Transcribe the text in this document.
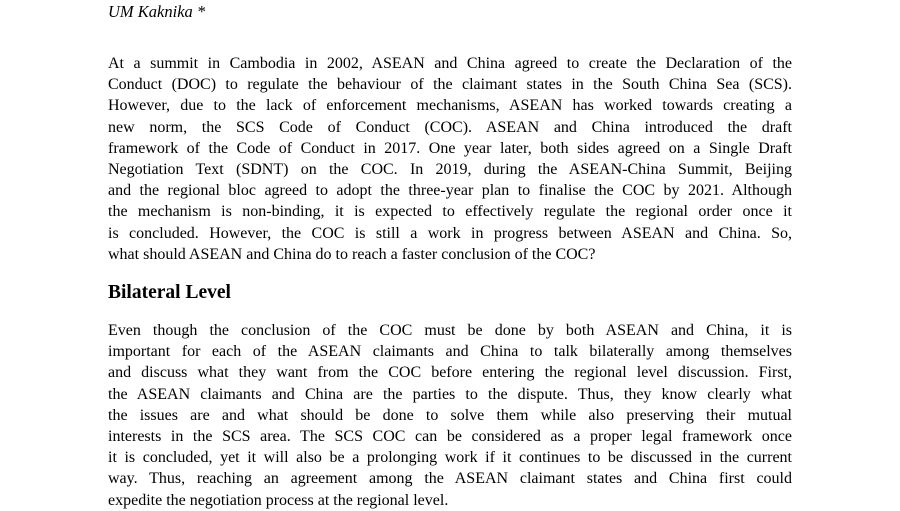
UM Kaknika *
At a summit in Cambodia in 2002, ASEAN and China agreed to create the Declaration of the
Conduct (DOC) to regulate the behaviour of the claimant states in the South China Sea (SCS).
However, due to the lack of enforcement mechanisms, ASEAN has worked towards creating a
new norm, the SCS Code of Conduct (COC). ASEAN and China introduced the draft
framework of the Code of Conduct in 2017. One year later, both sides agreed on a Single Draft
Negotiation Text (SDNT) on the COC. In 2019, during the ASEAN-China Summit, Beijing
and the regional bloc agreed to adopt the three-year plan to finalise the COC by 2021. Although
the mechanism is non-binding, it is expected to effectively regulate the regional order once it
is concluded. However, the COC is still a work in progress between ASEAN and China. So,
what should ASEAN and China do to reach a faster conclusion of the COC?
Bilateral Level
Even though the conclusion of the COC must be done by both ASEAN and China, it is
important for each of the ASEAN claimants and China to talk bilaterally among themselves
and discuss what they want from the COC before entering the regional level discussion. First,
the ASEAN claimants and China are the parties to the dispute. Thus, they know clearly what
the issues are and what should be done to solve them while also preserving their mutual
interests in the SCS area. The SCS COC can be considered as a proper legal framework once
it is concluded, yet it will also be a prolonging work if it continues to be discussed in the current
way. Thus, reaching an agreement among the ASEAN claimant states and China first could
expedite the negotiation process at the regional level.
